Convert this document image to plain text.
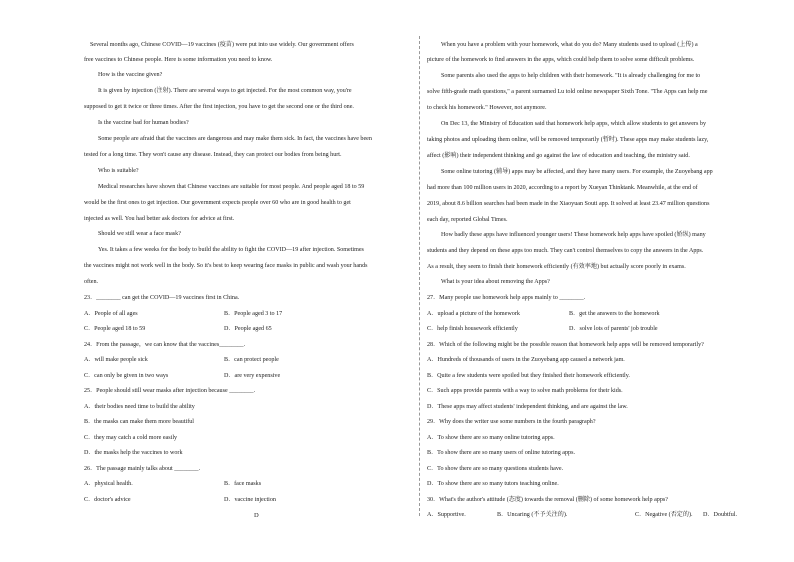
Several months ago, Chinese COVID—19 vaccines (疫苗) were put into use widely. Our government offers
free vaccines to Chinese people. Here is some information you need to know.
How is the vaccine given?
It is given by injection (注射). There are several ways to get injected. For the most common way, you're
supposed to get it twice or three times. After the first injection, you have to get the second one or the third one.
Is the vaccine bad for human bodies?
Some people are afraid that the vaccines are dangerous and may make them sick. In fact, the vaccines have been
tested for a long time. They won't cause any disease. Instead, they can protect our bodies from being hurt.
Who is suitable?
Medical researches have shown that Chinese vaccines are suitable for most people. And people aged 18 to 59
would be the first ones to get injection. Our government expects people over 60 who are in good health to get
injected as well. You had better ask doctors for advice at first.
Should we still wear a face mask?
Yes. It takes a few weeks for the body to build the ability to fight the COVID—19 after injection. Sometimes
the vaccines might not work well in the body. So it's best to keep wearing face masks in public and wash your hands
often.
23．________ can get the COVID—19 vaccines first in China.
A．People of all ages	B．People aged 3 to 17
C．People aged 18 to 59	D．People aged 65
24．From the passage，we can know that the vaccines________.
A．will make people sick	B．can protect people
C．can only be given in two ways	D．are very expensive
25．People should still wear masks after injection because ________.
A．their bodies need time to build the ability
B．the masks can make them more beautiful
C．they may catch a cold more easily
D．the masks help the vaccines to work
26．The passage mainly talks about ________.
A．physical health.	B．face masks
C．doctor's advice	D．vaccine injection
D
When you have a problem with your homework, what do you do? Many students used to upload (上传) a
picture of the homework to find answers in the apps, which could help them to solve some difficult problems.
Some parents also used the apps to help children with their homework. "It is already challenging for me to
solve fifth-grade math questions," a parent surnamed Lu told online newspaper Sixth Tone. "The Apps can help me
to check his homework." However, not anymore.
On Dec 13, the Ministry of Education said that homework help apps, which allow students to get answers by
taking photos and uploading them online, will be removed temporarily (暂时). These apps may make students lazy,
affect (影响) their independent thinking and go against the law of education and teaching, the ministry said.
Some online tutoring (辅导) apps may be affected, and they have many users. For example, the Zuoyebang app
had more than 100 million users in 2020, according to a report by Xueyan Thinktank. Meanwhile, at the end of
2019, about 8.6 billion searches had been made in the Xiaoyuan Souti app. It solved at least 23.47 million questions
each day, reported Global Times.
How badly these apps have influenced younger users! These homework help apps have spoiled (娇纵) many
students and they depend on these apps too much. They can't control themselves to copy the answers in the Apps.
As a result, they seem to finish their homework efficiently (有效率地) but actually score poorly in exams.
What is your idea about removing the Apps?
27．Many people use homework help apps mainly to ________.
A．upload a picture of the homework	B．get the answers to the homework
C．help finish housework efficiently	D．solve lots of parents' job trouble
28．Which of the following might be the possible reason that homework help apps will be removed temporarily?
A．Hundreds of thousands of users in the Zuoyebang app caused a network jam.
B．Quite a few students were spoiled but they finished their homework efficiently.
C．Such apps provide parents with a way to solve math problems for their kids.
D．These apps may affect students' independent thinking, and are against the law.
29．Why does the writer use some numbers in the fourth paragraph?
A．To show there are so many online tutoring apps.
B．To show there are so many users of online tutoring apps.
C．To show there are so many questions students have.
D．To show there are so many tutors teaching online.
30．What's the author's attitude (态度) towards the removal (删除) of some homework help apps?
A．Supportive.	B．Uncaring (不予关注的).	C．Negative (否定的). D．Doubtful.
